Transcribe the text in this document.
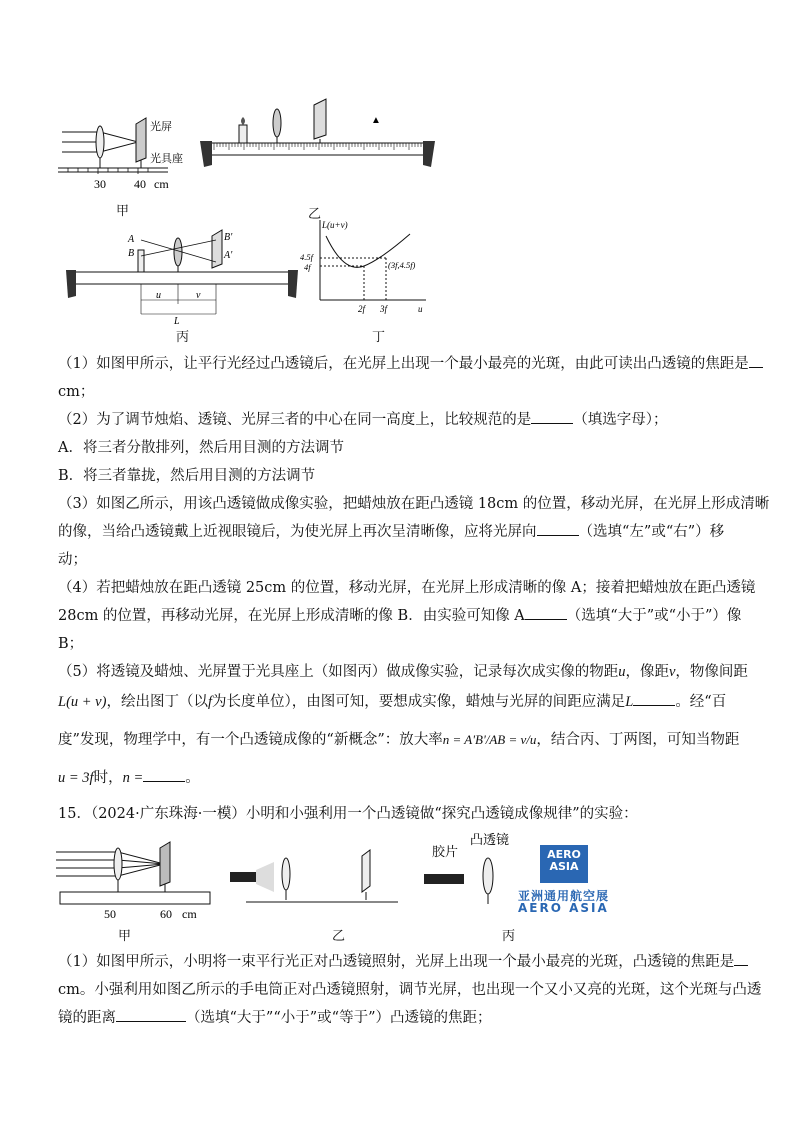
光屏
光具座
30 40 cm
甲
▲
乙
A
B
B'
A'
u	v
L
丙
L(u+v)
4.5f
4f
2f 3f	u
(3f,4.5f)
丁
（1）如图甲所示，让平行光经过凸透镜后，在光屏上出现一个最小最亮的光斑，由此可读出凸透镜的焦距是
cm；
（2）为了调节烛焰、透镜、光屏三者的中心在同一高度上，比较规范的是	（填选字母）；
A．将三者分散排列，然后用目测的方法调节
B．将三者靠拢，然后用目测的方法调节
（3）如图乙所示，用该凸透镜做成像实验，把蜡烛放在距凸透镜 18cm 的位置，移动光屏，在光屏上形成清晰
的像，当给凸透镜戴上近视眼镜后，为使光屏上再次呈清晰像，应将光屏向	（选填“左”或“右”）移
动；
（4）若把蜡烛放在距凸透镜 25cm 的位置，移动光屏，在光屏上形成清晰的像 A；接着把蜡烛放在距凸透镜
28cm 的位置，再移动光屏，在光屏上形成清晰的像 B．由实验可知像 A	（选填“大于”或“小于”）像
B；
（5）将透镜及蜡烛、光屏置于光具座上（如图丙）做成像实验，记录每次成实像的物距u，像距v，物像间距
L(u + v)，绘出图丁（以f为长度单位），由图可知，要想成实像，蜡烛与光屏的间距应满足L	。经“百
度”发现，物理学中，有一个凸透镜成像的“新概念”：放大率n = A'B'/AB = v/u，结合丙、丁两图，可知当物距
u = 3f时，n =	。
15．（2024·广东珠海·一模）小明和小强利用一个凸透镜做“探究凸透镜成像规律”的实验：
50	60 cm
甲	乙
胶片
凸透镜
丙
AERO ASIA
亚洲通用航空展
AERO ASIA
（1）如图甲所示，小明将一束平行光正对凸透镜照射，光屏上出现一个最小最亮的光斑，凸透镜的焦距是
cm。小强利用如图乙所示的手电筒正对凸透镜照射，调节光屏，也出现一个又小又亮的光斑，这个光斑与凸透
镜的距离	（选填“大于”“小于”或“等于”）凸透镜的焦距；
